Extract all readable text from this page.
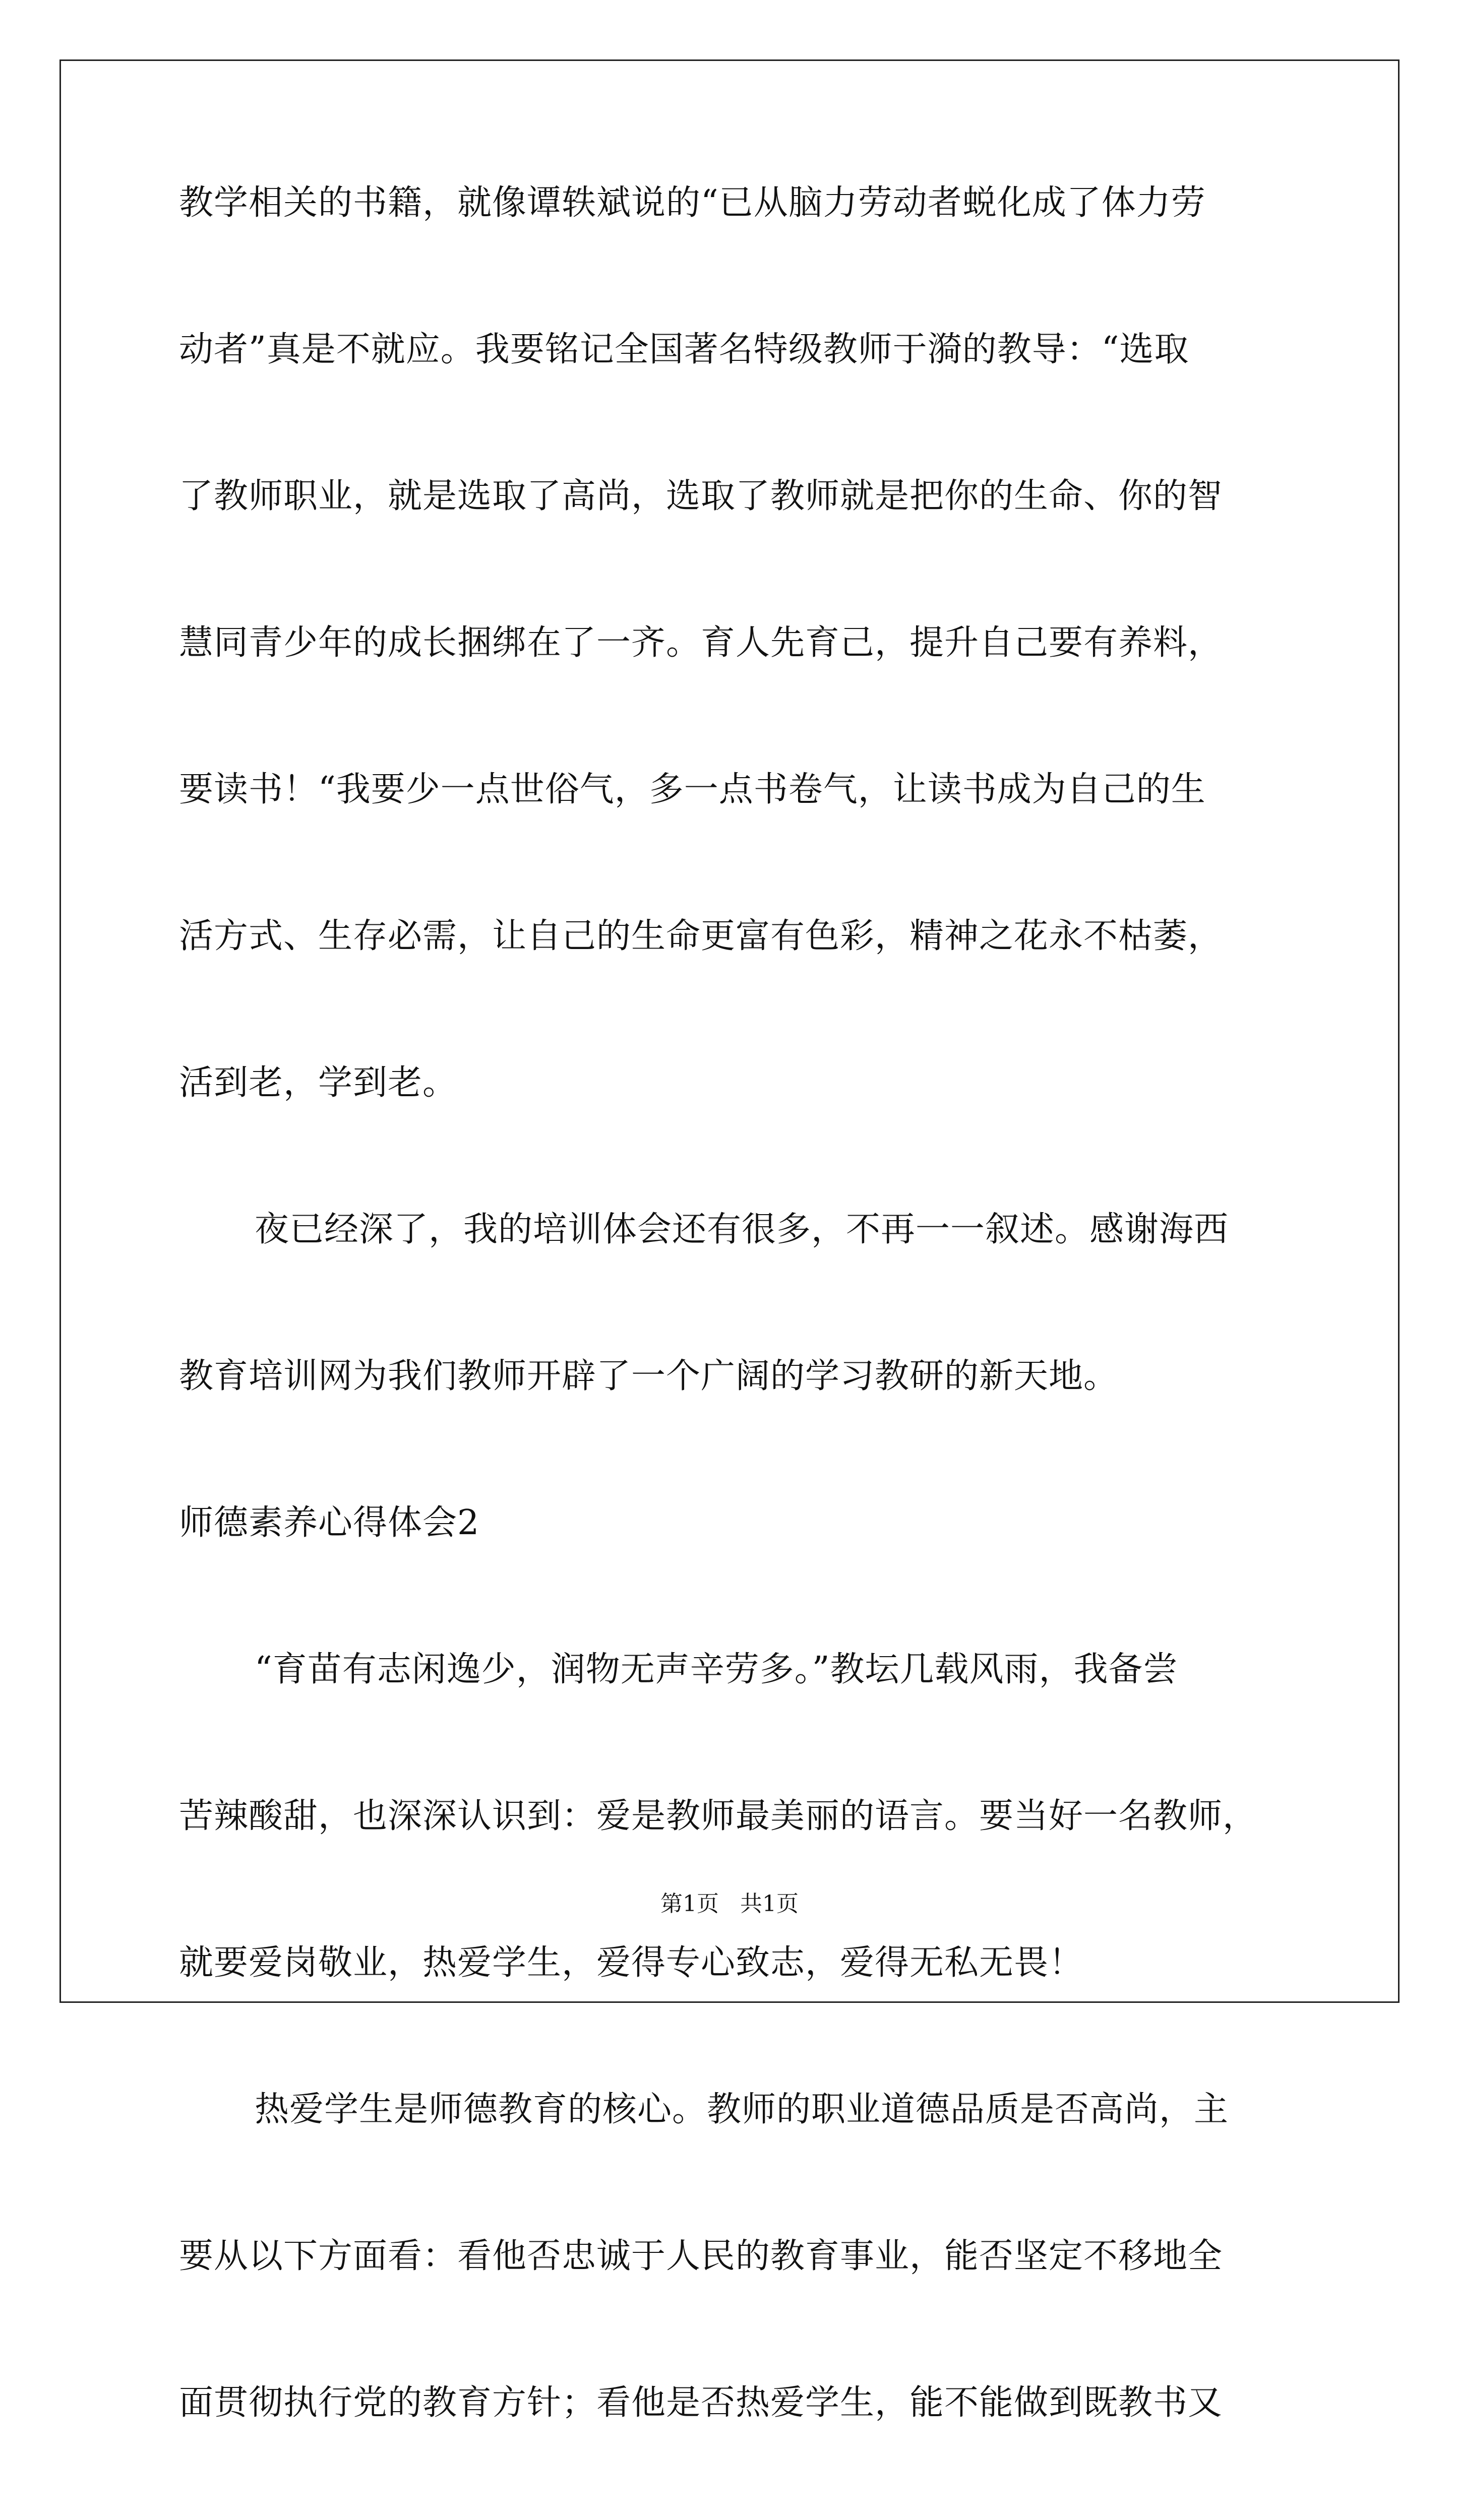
教学相关的书籍，就像谭轶斌说的“已从脑力劳动者蜕化成了体力劳
动者”真是不就应。我要铭记全国著名特级教师于漪的教导：“选取
了教师职业，就是选取了高尚，选取了教师就是把你的生命、你的智
慧同青少年的成长捆绑在了一齐。育人先育己，提升自己要有养料，
要读书！“我要少一点世俗气，多一点书卷气，让读书成为自己的生
活方式、生存必需，让自己的生命更富有色彩，精神之花永不枯萎，
活到老，学到老。
夜已经深了，我的培训体会还有很多，不再一一叙述。感谢海西
教育培训网为我们教师开辟了一个广阔的学习教研的新天地。
师德素养心得体会2
“育苗有志闲逸少，润物无声辛劳多。”教坛几载风雨，我备尝
苦辣酸甜，也深深认识到：爱是教师最美丽的语言。要当好一名教师，
就要爱岗敬业，热爱学生，爱得专心致志，爱得无私无畏！
热爱学生是师德教育的核心。教师的职业道德品质是否高尚，主
要从以下方面看：看他否忠诚于人民的教育事业，能否坚定不移地全
面贯彻执行党的教育方针；看他是否热爱学生，能不能做到既教书又
第1页 共1页
